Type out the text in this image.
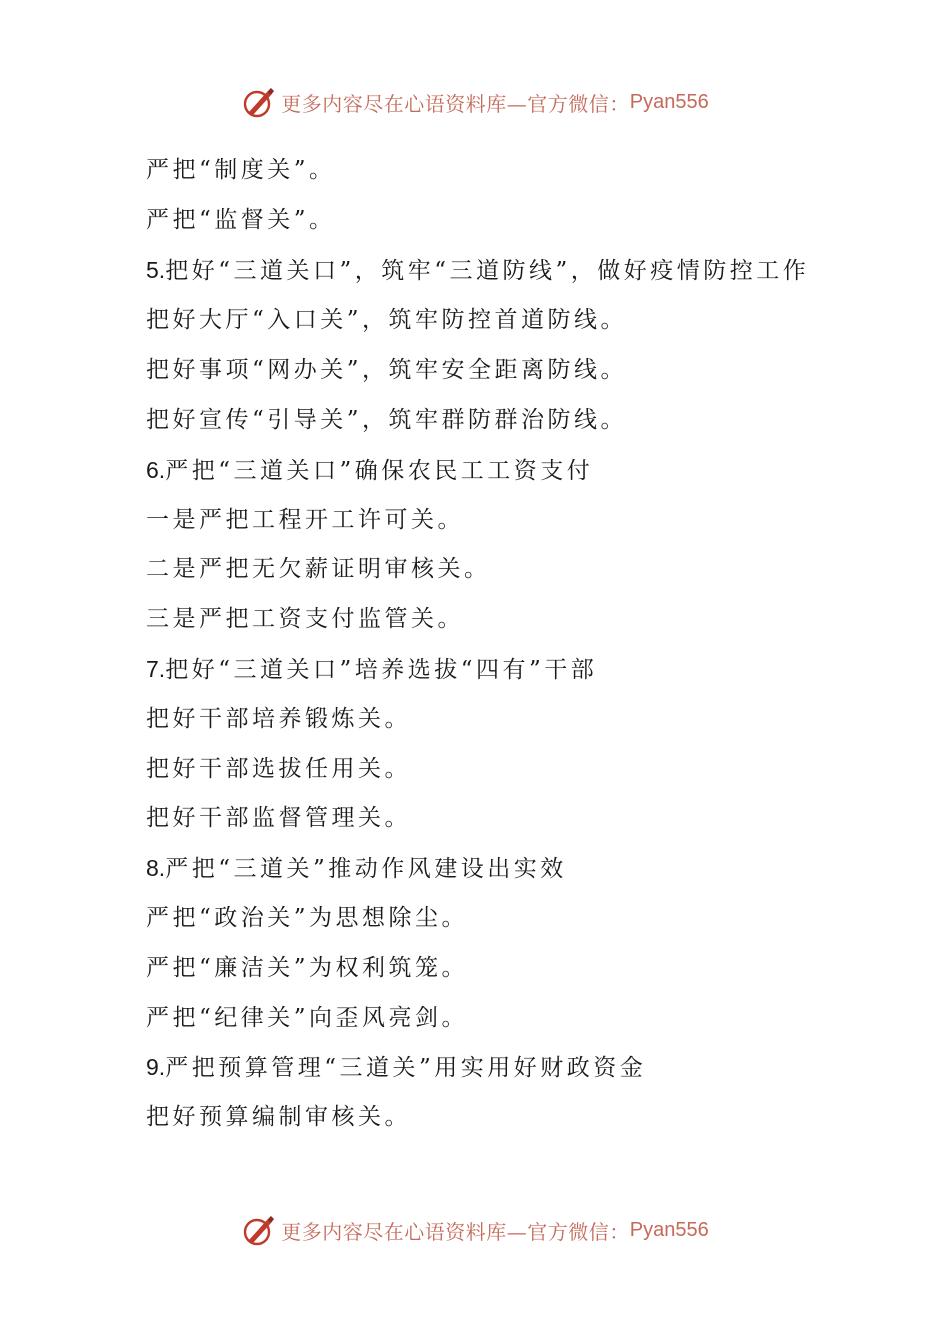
更多内容尽在心语资料库—官方微信： Pyan556
严把“制度关”。
严把“监督关”。
5.把好“三道关口”，筑牢“三道防线”，做好疫情防控工作
把好大厅“入口关”，筑牢防控首道防线。
把好事项“网办关”，筑牢安全距离防线。
把好宣传“引导关”，筑牢群防群治防线。
6.严把“三道关口”确保农民工工资支付
一是严把工程开工许可关。
二是严把无欠薪证明审核关。
三是严把工资支付监管关。
7.把好“三道关口”培养选拔“四有”干部
把好干部培养锻炼关。
把好干部选拔任用关。
把好干部监督管理关。
8.严把“三道关”推动作风建设出实效
严把“政治关”为思想除尘。
严把“廉洁关”为权利筑笼。
严把“纪律关”向歪风亮剑。
9.严把预算管理“三道关”用实用好财政资金
把好预算编制审核关。
更多内容尽在心语资料库—官方微信： Pyan556
